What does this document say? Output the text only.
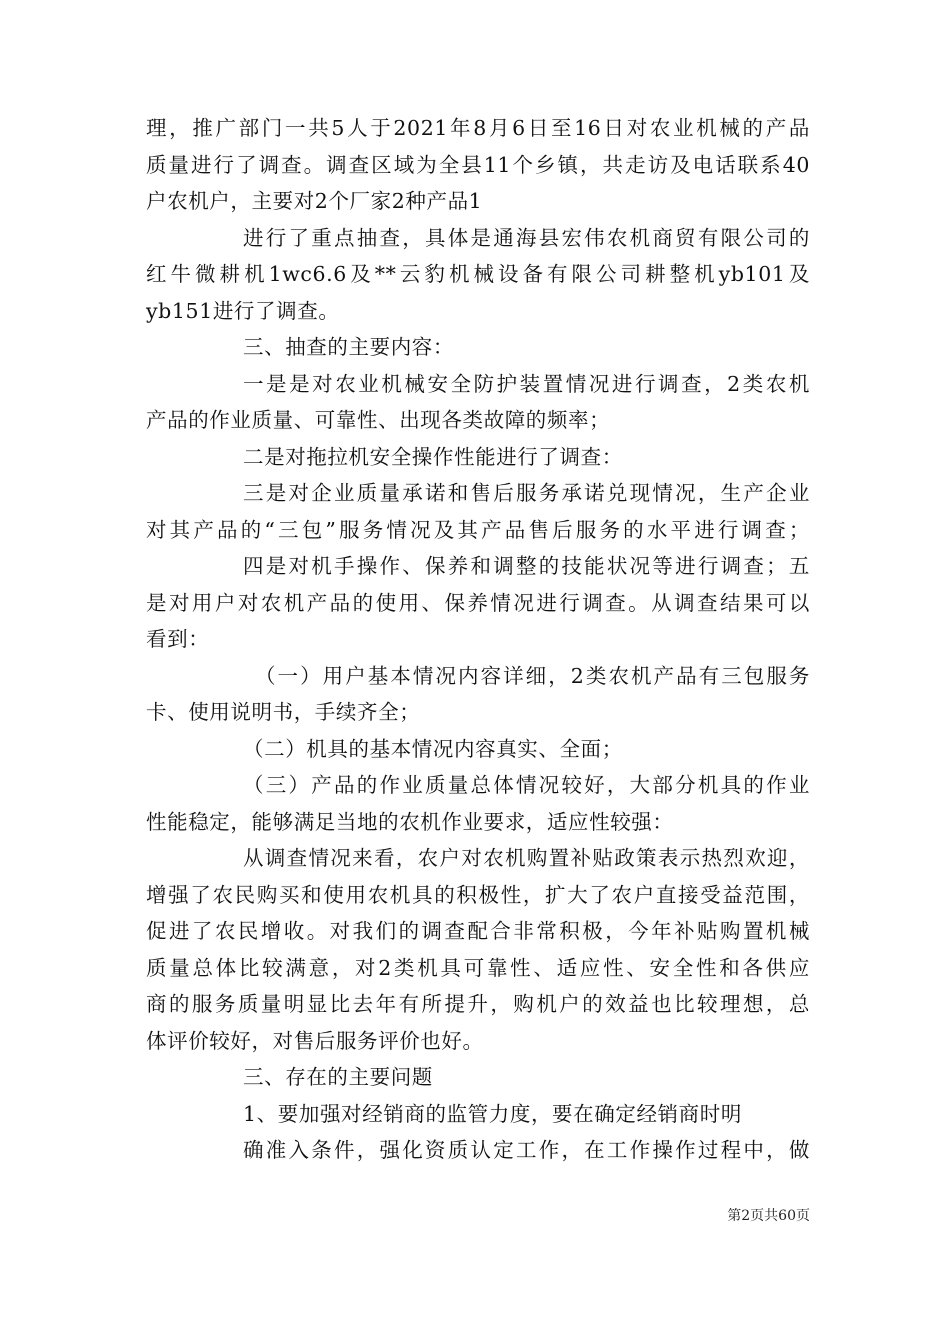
理，推广部门一共5人于2021年8月6日至16日对农业机械的产品
质量进行了调查。调查区域为全县11个乡镇，共走访及电话联系40
户农机户，主要对2个厂家2种产品1
进行了重点抽查，具体是通海县宏伟农机商贸有限公司的
红牛微耕机1wc6.6及**云豹机械设备有限公司耕整机yb101及
yb151进行了调查。
三、抽查的主要内容：
一是是对农业机械安全防护装置情况进行调查，2类农机
产品的作业质量、可靠性、出现各类故障的频率；
二是对拖拉机安全操作性能进行了调查：
三是对企业质量承诺和售后服务承诺兑现情况，生产企业
对其产品的“三包”服务情况及其产品售后服务的水平进行调查；
四是对机手操作、保养和调整的技能状况等进行调查；五
是对用户对农机产品的使用、保养情况进行调查。从调查结果可以
看到：
（一）用户基本情况内容详细，2类农机产品有三包服务
卡、使用说明书，手续齐全；
（二）机具的基本情况内容真实、全面；
（三）产品的作业质量总体情况较好，大部分机具的作业
性能稳定，能够满足当地的农机作业要求，适应性较强：
从调查情况来看，农户对农机购置补贴政策表示热烈欢迎，
增强了农民购买和使用农机具的积极性，扩大了农户直接受益范围，
促进了农民增收。对我们的调查配合非常积极，今年补贴购置机械
质量总体比较满意，对2类机具可靠性、适应性、安全性和各供应
商的服务质量明显比去年有所提升，购机户的效益也比较理想，总
体评价较好，对售后服务评价也好。
三、存在的主要问题
1、要加强对经销商的监管力度，要在确定经销商时明
确准入条件，强化资质认定工作，在工作操作过程中，做
第2页共60页
